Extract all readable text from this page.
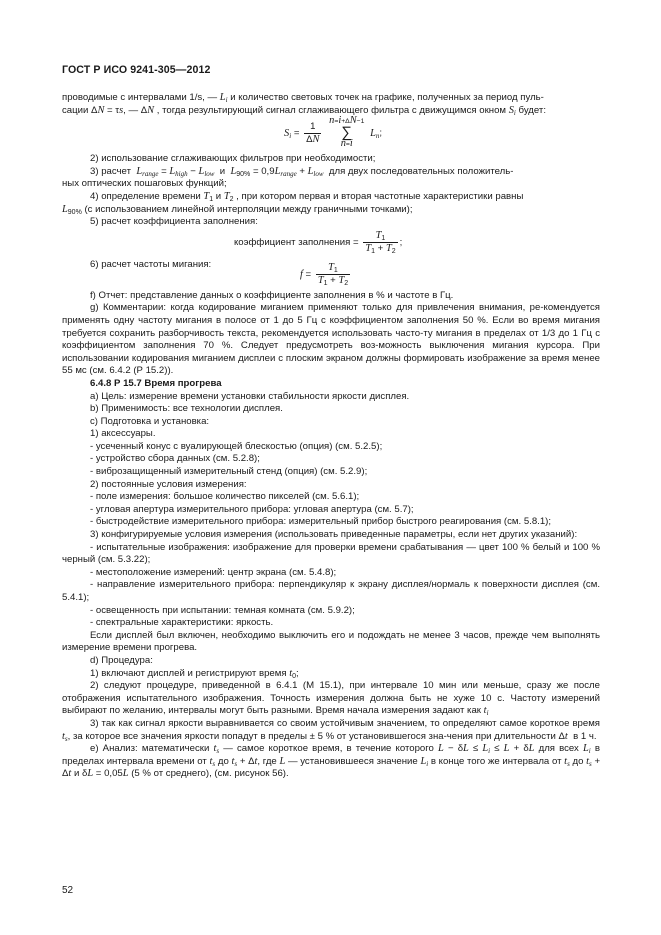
ГОСТ Р ИСО 9241-305—2012

проводимые с интервалами 1/s, — $L_i$ и количество световых точек на графике, полученных за период пуль-
сации ΔN = τs, — ΔN , тогда результирующий сигнал сглаживающего фильтра с движущимся окном $S_i$ будет:

$S_i = \frac{1}{\Delta N}$
n=i+ΔN−1
∑
n=i
$L_n$;

2) использование сглаживающих фильтров при необходимости;

3) расчет $L_{range} = L_{high} - L_{low}$  и  $L_{90\%} = 0,9L_{range} + L_{low}$ для двух последовательных положитель-

ных оптических пошаговых функций;

4) определение времени $T_1$ и $T_2$ , при котором первая и вторая частотные характеристики равны

$L_{90\%}$ (с использованием линейной интерполяции между граничными точками);

5) расчет коэффициента заполнения:

коэффициент заполнения = $\frac{T_1}{T_1 + T_2}$ ;
6) расчет частоты мигания:
$f = \frac{T_1}{T_1 + T_2}$

f) Отчет: представление данных о коэффициенте заполнения в % и частоте в Гц.

g) Комментарии: когда кодирование миганием применяют только для привлечения внимания, ре-комендуется применять одну частоту мигания в полосе от 1 до 5 Гц с коэффициентом заполнения 50 %. Если во время мигания требуется сохранить разборчивость текста, рекомендуется использовать часто-ту мигания в пределах от 1/3 до 1 Гц с коэффициентом заполнения 70 %. Следует предусмотреть воз-можность выключения мигания курсора. При использовании кодирования миганием дисплеи с плоским экраном должны формировать изображение за время менее 55 мс (см. 6.4.2 (Р 15.2)).

6.4.8 Р 15.7 Время прогрева

a) Цель: измерение времени установки стабильности яркости дисплея.

b) Применимость: все технологии дисплея.

c) Подготовка и установка:

1) аксессуары.

- усеченный конус с вуалирующей блескостью (опция) (см. 5.2.5);

- устройство сбора данных (см. 5.2.8);

- виброзащищенный измерительный стенд (опция) (см. 5.2.9);

2) постоянные условия измерения:

- поле измерения: большое количество пикселей (см. 5.6.1);

- угловая апертура измерительного прибора: угловая апертура (см. 5.7);

- быстродействие измерительного прибора: измерительный прибор быстрого реагирования (см. 5.8.1);

3) конфигурируемые условия измерения (использовать приведенные параметры, если нет других указаний):

- испытательные изображения: изображение для проверки времени срабатывания — цвет 100 % белый и 100 % черный (см. 5.3.22);

- местоположение измерений: центр экрана (см. 5.4.8);

- направление измерительного прибора: перпендикуляр к экрану дисплея/нормаль к поверхности дисплея (см. 5.4.1);

- освещенность при испытании: темная комната (см. 5.9.2);

- спектральные характеристики: яркость.

Если дисплей был включен, необходимо выключить его и подождать не менее 3 часов, прежде чем выполнять измерение времени прогрева.

d) Процедура:

1) включают дисплей и регистрируют время $t_0$;

2) следуют процедуре, приведенной в 6.4.1 (М 15.1), при интервале 10 мин или меньше, сразу же после отображения испытательного изображения. Точность измерения должна быть не хуже 10 с. Частоту измерений выбирают по желанию, интервалы могут быть разными. Время начала измерения задают как $t_i$

3) так как сигнал яркости выравнивается со своим устойчивым значением, то определяют самое короткое время $t_s$, за которое все значения яркости попадут в пределы ± 5 % от установившегося зна-чения при длительности Δt в 1 ч.

e) Анализ: математически $t_s$ — самое короткое время, в течение которого $L - \delta L \le L_i \le L + \delta L$ для всех $L_i$ в пределах интервала времени от $t_s$ до $t_s + \Delta t$, где L — установившееся значение $L_i$ в конце того же интервала от $t_s$ до $t_s + \Delta t$ и δL = 0,05L (5 % от среднего), (см. рисунок 56).

52
